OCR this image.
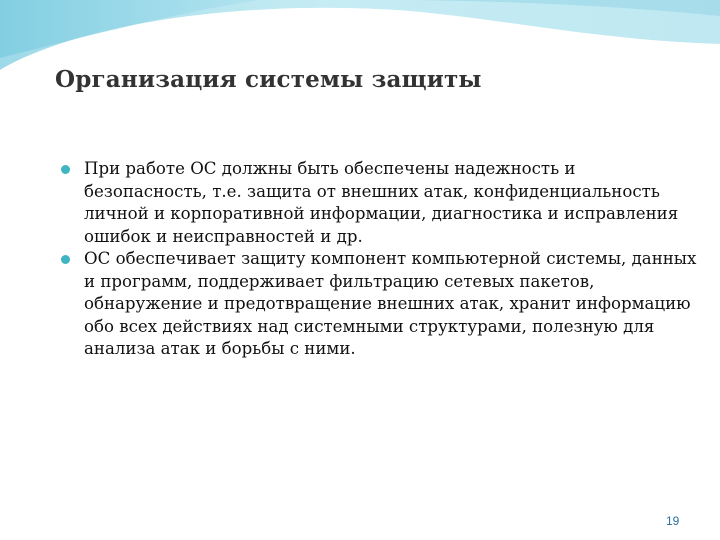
Организация системы защиты
При работе ОС должны быть обеспечены надежность и безопасность, т.е. защита от внешних атак, конфиденциальность личной и корпоративной информации, диагностика и исправления ошибок и неисправностей и др.
ОС обеспечивает защиту компонент компьютерной системы, данных и программ, поддерживает фильтрацию сетевых пакетов, обнаружение и предотвращение внешних атак, хранит информацию обо всех действиях над системными структурами, полезную для анализа атак и борьбы с ними.
19
